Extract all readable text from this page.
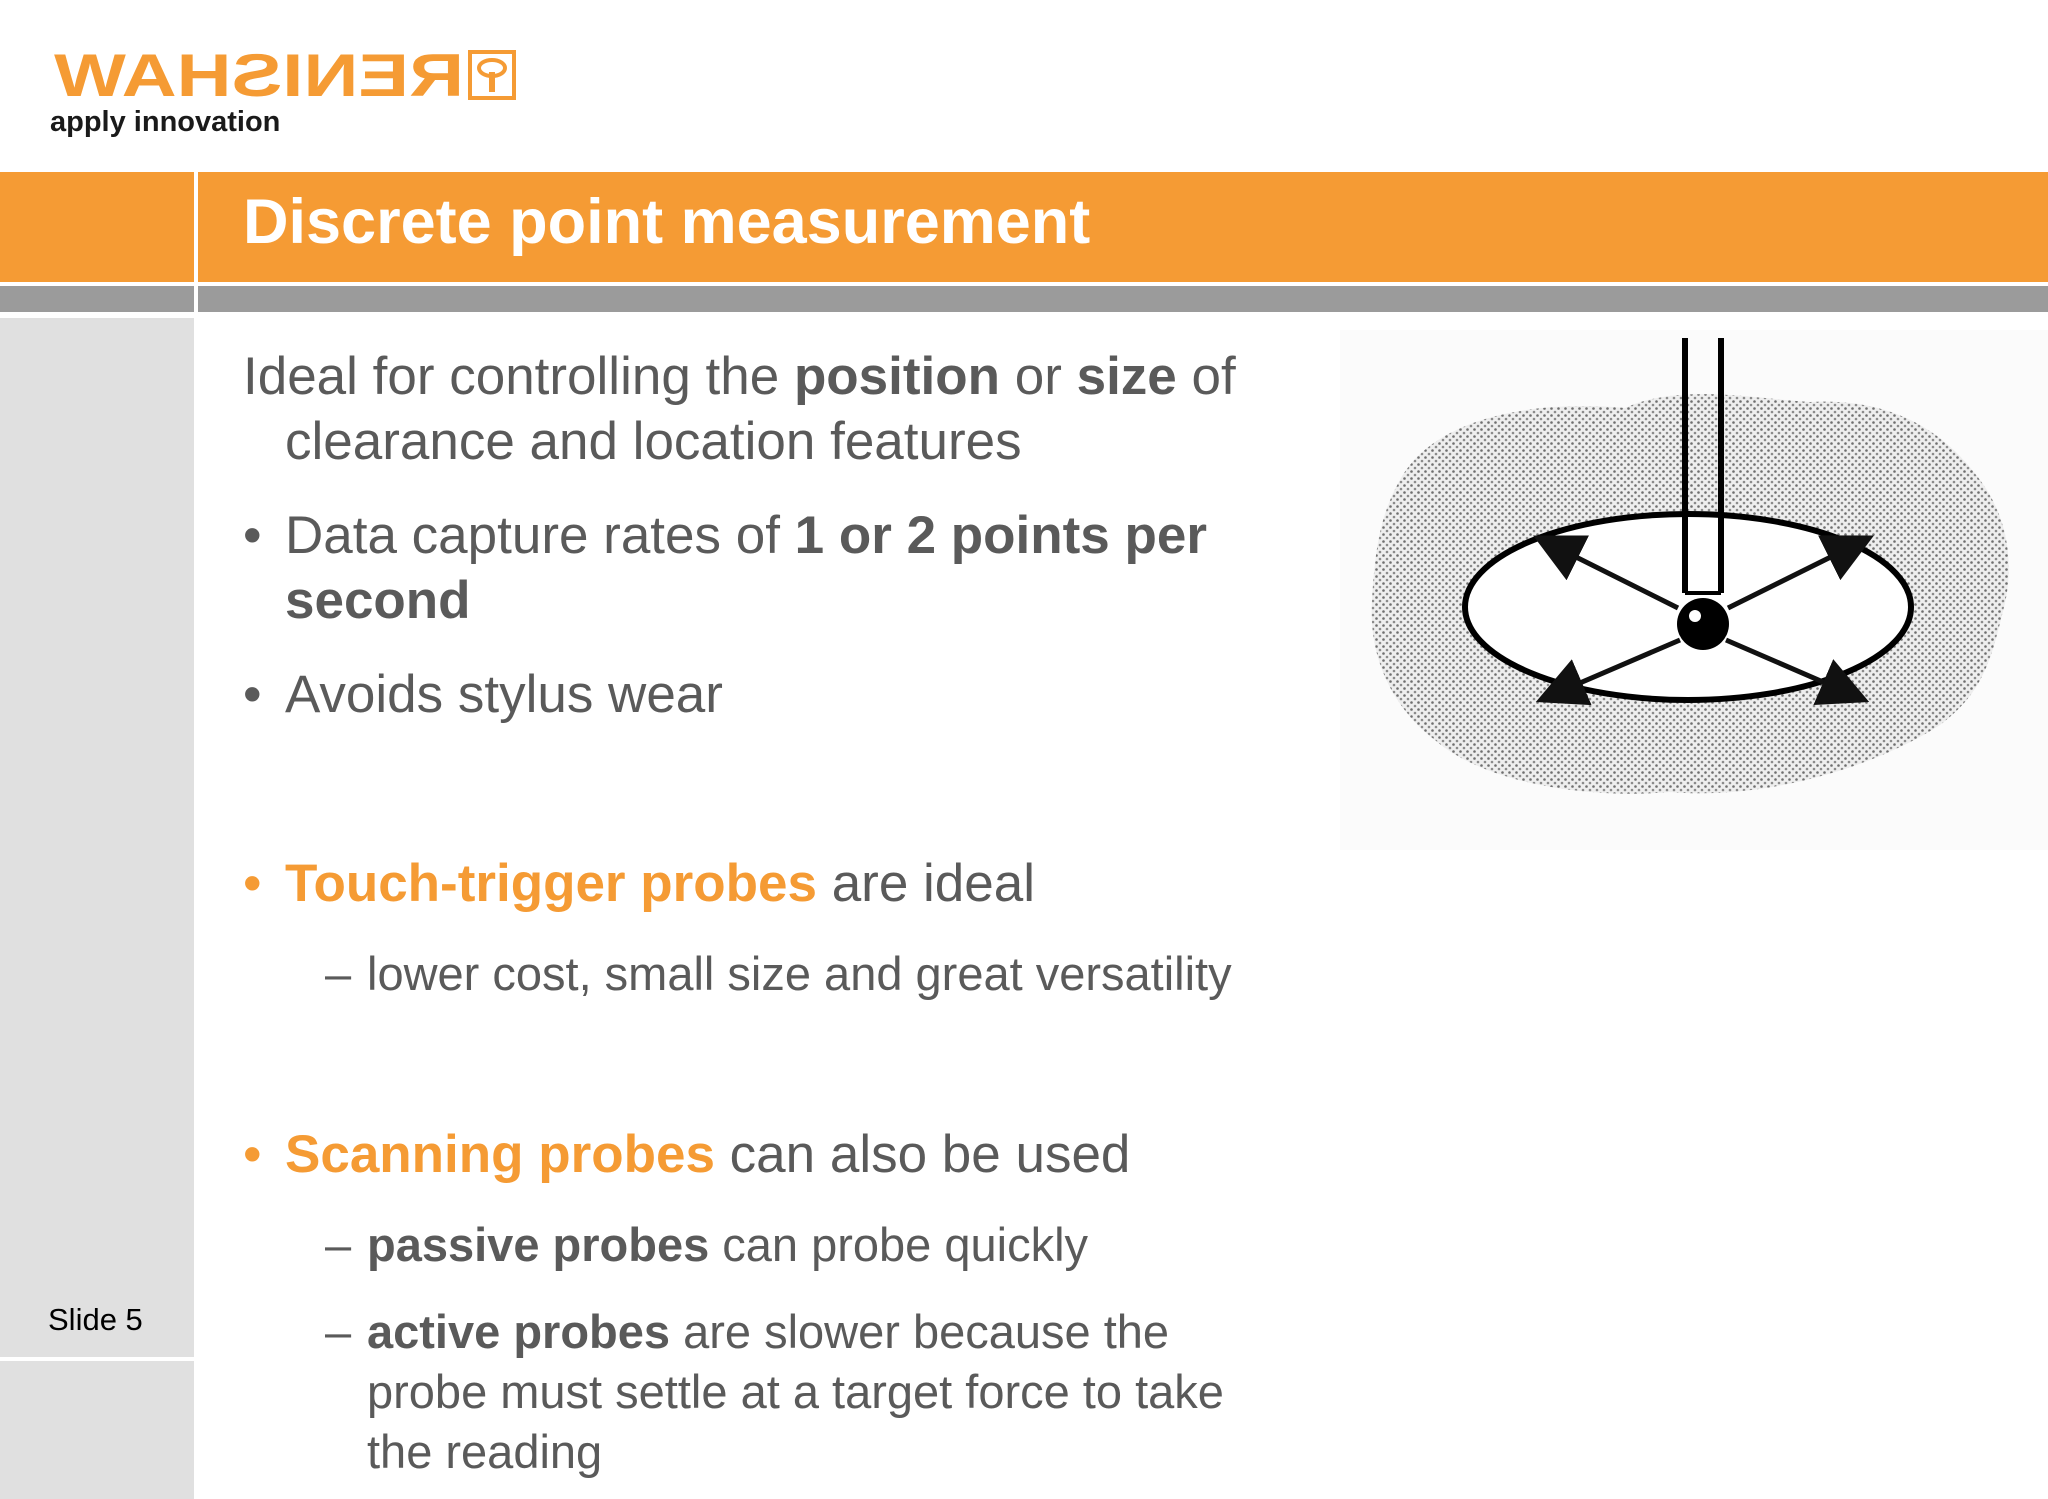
RENISHAW
apply innovation
Discrete point measurement
Slide 5
Ideal for controlling the position or size of
clearance and location features
• Data capture rates of 1 or 2 points per
second
• Avoids stylus wear
• Touch-trigger probes are ideal
– lower cost, small size and great versatility
• Scanning probes can also be used
– passive probes can probe quickly
– active probes are slower because the
probe must settle at a target force to take
the reading
